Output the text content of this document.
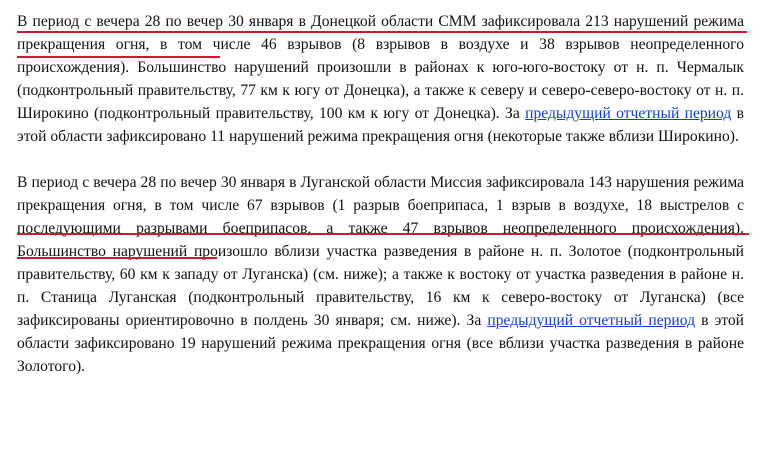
В период с вечера 28 по вечер 30 января в Донецкой области СММ зафиксировала 213 нарушений режима прекращения огня, в том числе 46 взрывов (8 взрывов в воздухе и 38 взрывов неопределенного происхождения). Большинство нарушений произошли в районах к юго-юго-востоку от н. п. Чермалык (подконтрольный правительству, 77 км к югу от Донецка), а также к северу и северо-северо-востоку от н. п. Широкино (подконтрольный правительству, 100 км к югу от Донецка). За предыдущий отчетный период в этой области зафиксировано 11 нарушений режима прекращения огня (некоторые также вблизи Широкино).

В период с вечера 28 по вечер 30 января в Луганской области Миссия зафиксировала 143 нарушения режима прекращения огня, в том числе 67 взрывов (1 разрыв боеприпаса, 1 взрыв в воздухе, 18 выстрелов с последующими разрывами боеприпасов, а также 47 взрывов неопределенного происхождения). Большинство нарушений произошло вблизи участка разведения в районе н. п. Золотое (подконтрольный правительству, 60 км к западу от Луганска) (см. ниже); а также к востоку от участка разведения в районе н. п. Станица Луганская (подконтрольный правительству, 16 км к северо-востоку от Луганска) (все зафиксированы ориентировочно в полдень 30 января; см. ниже). За предыдущий отчетный период в этой области зафиксировано 19 нарушений режима прекращения огня (все вблизи участка разведения в районе Золотого).
